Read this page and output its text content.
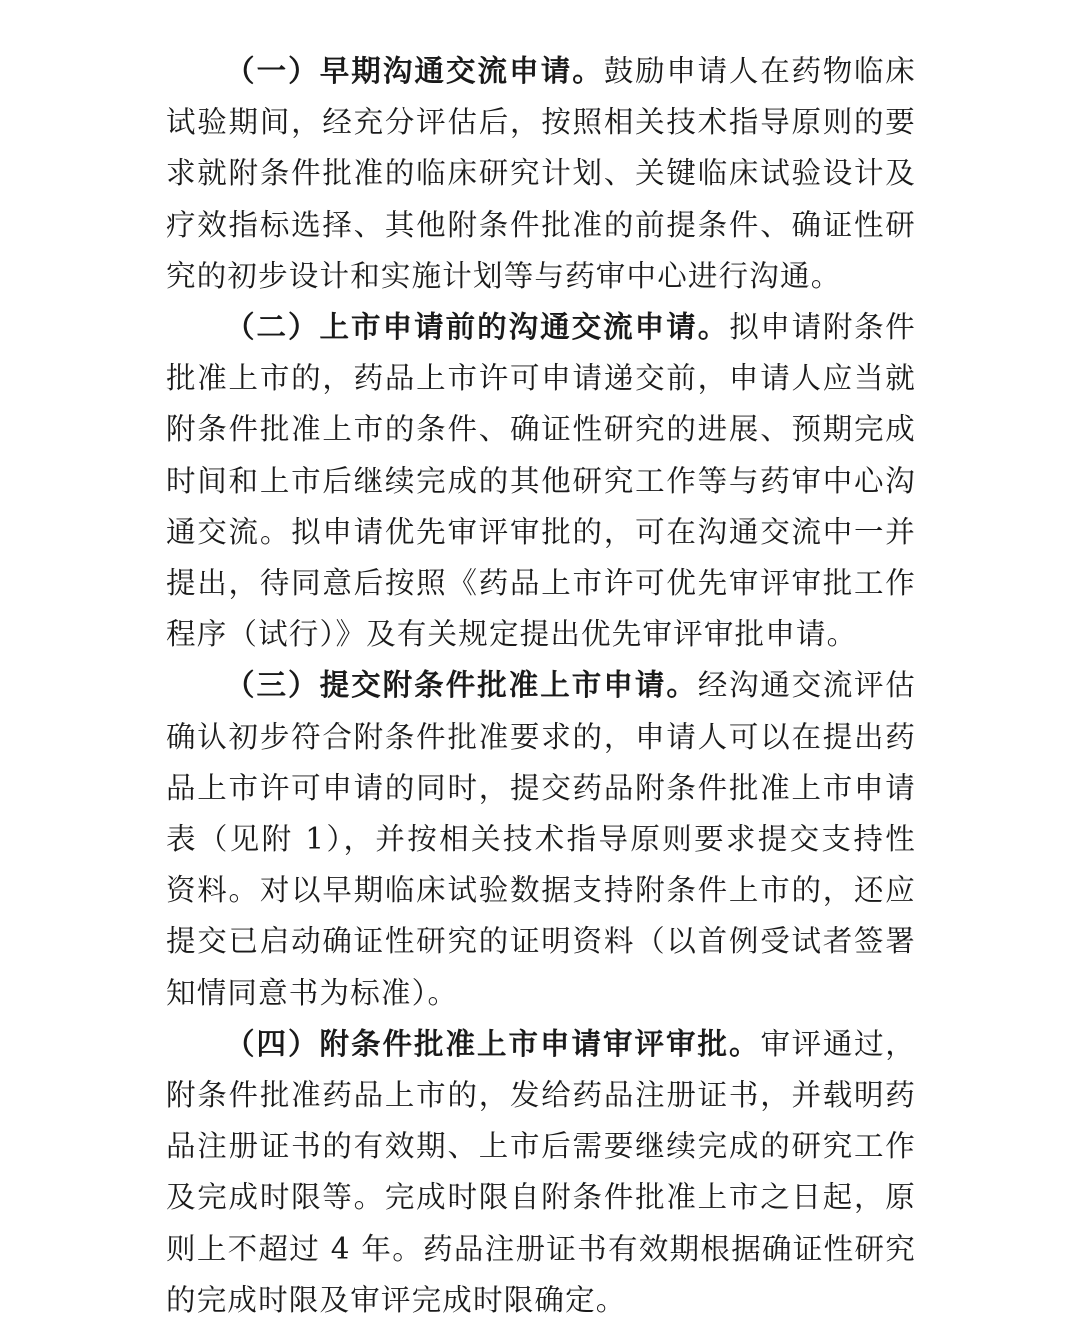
（一）早期沟通交流申请。鼓励申请人在药物临床试验期间，经充分评估后，按照相关技术指导原则的要求就附条件批准的临床研究计划、关键临床试验设计及疗效指标选择、其他附条件批准的前提条件、确证性研究的初步设计和实施计划等与药审中心进行沟通。

（二）上市申请前的沟通交流申请。拟申请附条件批准上市的，药品上市许可申请递交前，申请人应当就附条件批准上市的条件、确证性研究的进展、预期完成时间和上市后继续完成的其他研究工作等与药审中心沟通交流。拟申请优先审评审批的，可在沟通交流中一并提出，待同意后按照《药品上市许可优先审评审批工作程序（试行）》及有关规定提出优先审评审批申请。

（三）提交附条件批准上市申请。经沟通交流评估确认初步符合附条件批准要求的，申请人可以在提出药品上市许可申请的同时，提交药品附条件批准上市申请表（见附 1），并按相关技术指导原则要求提交支持性资料。对以早期临床试验数据支持附条件上市的，还应提交已启动确证性研究的证明资料（以首例受试者签署知情同意书为标准）。

（四）附条件批准上市申请审评审批。审评通过，附条件批准药品上市的，发给药品注册证书，并载明药品注册证书的有效期、上市后需要继续完成的研究工作及完成时限等。完成时限自附条件批准上市之日起，原则上不超过 4 年。药品注册证书有效期根据确证性研究的完成时限及审评完成时限确定。
